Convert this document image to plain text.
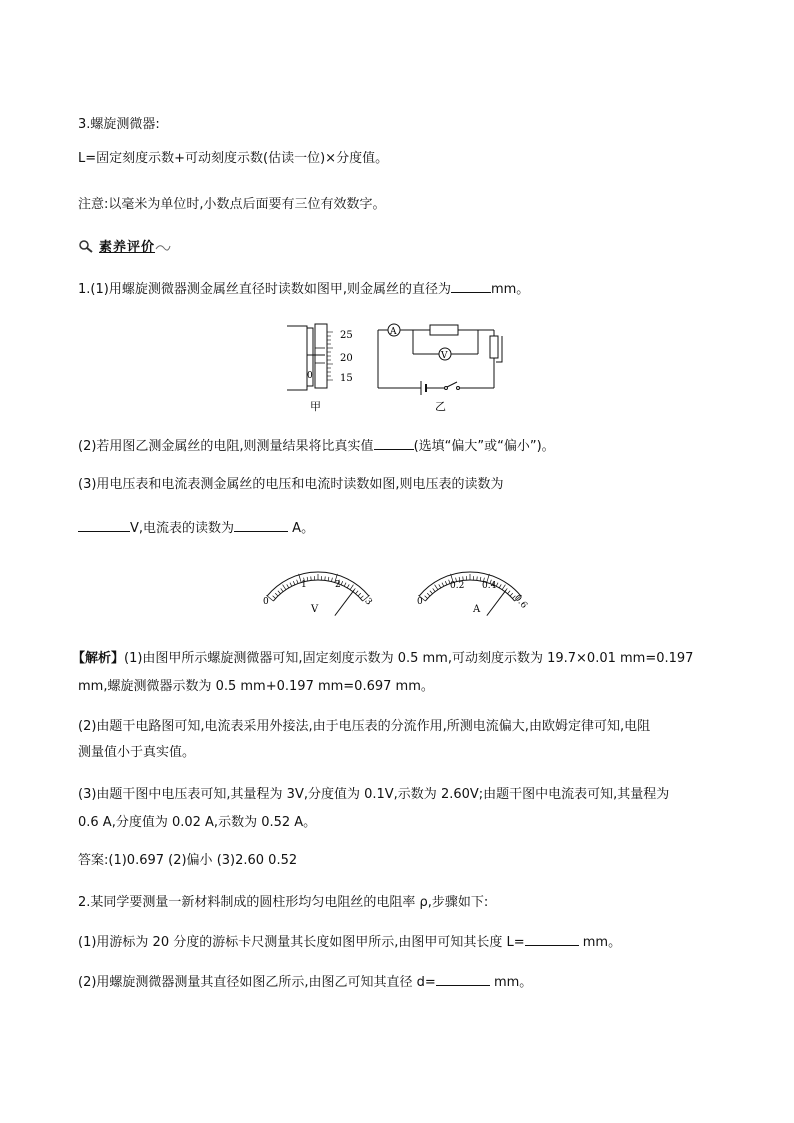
3.螺旋测微器:
L=固定刻度示数+可动刻度示数(估读一位)×分度值。
注意:以毫米为单位时,小数点后面要有三位有效数字。
素养评价
1.(1)用螺旋测微器测金属丝直径时读数如图甲,则金属丝的直径为	mm。
25
20
15
0
甲
A
V
乙
(2)若用图乙测金属丝的电阻,则测量结果将比真实值	(选填“偏大”或“偏小”)。
(3)用电压表和电流表测金属丝的电压和电流时读数如图,则电压表的读数为
V,电流表的读数为	A。
0
1	2
3
V
0
0.2 0.4
0.6
A
【解析】(1)由图甲所示螺旋测微器可知,固定刻度示数为 0.5 mm,可动刻度示数为 19.7×0.01 mm=0.197
mm,螺旋测微器示数为 0.5 mm+0.197 mm=0.697 mm。
(2)由题干电路图可知,电流表采用外接法,由于电压表的分流作用,所测电流偏大,由欧姆定律可知,电阻
测量值小于真实值。
(3)由题干图中电压表可知,其量程为 3V,分度值为 0.1V,示数为 2.60V;由题干图中电流表可知,其量程为
0.6 A,分度值为 0.02 A,示数为 0.52 A。
答案:(1)0.697 (2)偏小 (3)2.60 0.52
2.某同学要测量一新材料制成的圆柱形均匀电阻丝的电阻率 ρ,步骤如下:
(1)用游标为 20 分度的游标卡尺测量其长度如图甲所示,由图甲可知其长度 L=	mm。
(2)用螺旋测微器测量其直径如图乙所示,由图乙可知其直径 d=	mm。
